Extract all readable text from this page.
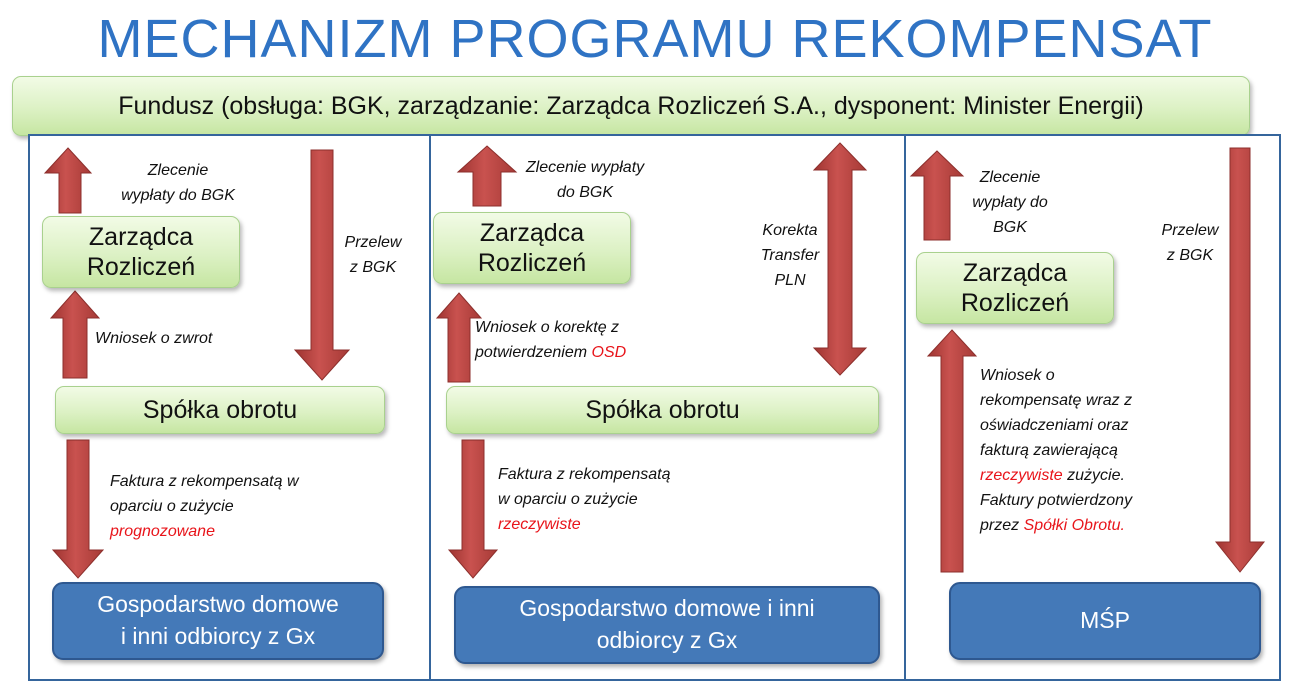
MECHANIZM PROGRAMU REKOMPENSAT
Fundusz (obsługa: BGK, zarządzanie: Zarządca Rozliczeń S.A., dysponent: Minister Energii)
Zarządca
Rozliczeń
Zlecenie
wypłaty do BGK
Przelew
z BGK
Wniosek o zwrot
Spółka obrotu
Faktura z rekompensatą w
oparciu o zużycie
prognozowane
Gospodarstwo domowe
i inni odbiorcy z Gx
Zarządca
Rozliczeń
Zlecenie wypłaty
do BGK
Korekta
Transfer
PLN
Wniosek o korektę z
potwierdzeniem OSD
Spółka obrotu
Faktura z rekompensatą
w oparciu o zużycie
rzeczywiste
Gospodarstwo domowe i inni
odbiorcy z Gx
Zarządca
Rozliczeń
Zlecenie
wypłaty do
BGK	Przelew
z BGK
Wniosek o
rekompensatę wraz z
oświadczeniami oraz
fakturą zawierającą
rzeczywiste zużycie.
Faktury potwierdzony
przez Spółki Obrotu.
MŚP
